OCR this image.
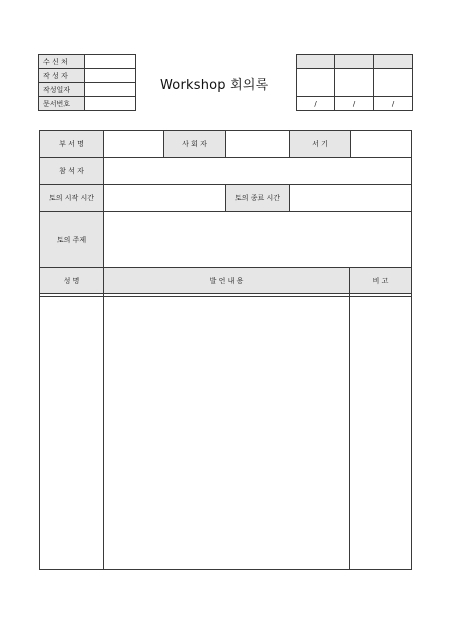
수 신 처	
작 성 자	
작성일자	
문서번호	
Workshop 회의록

/	/	/
부 서 명		사 회 자		서 기	
참 석 자					
토의 시작 시간			토의 종료 시간		
토의 주제					
성 명	발 언 내 용	비 고
